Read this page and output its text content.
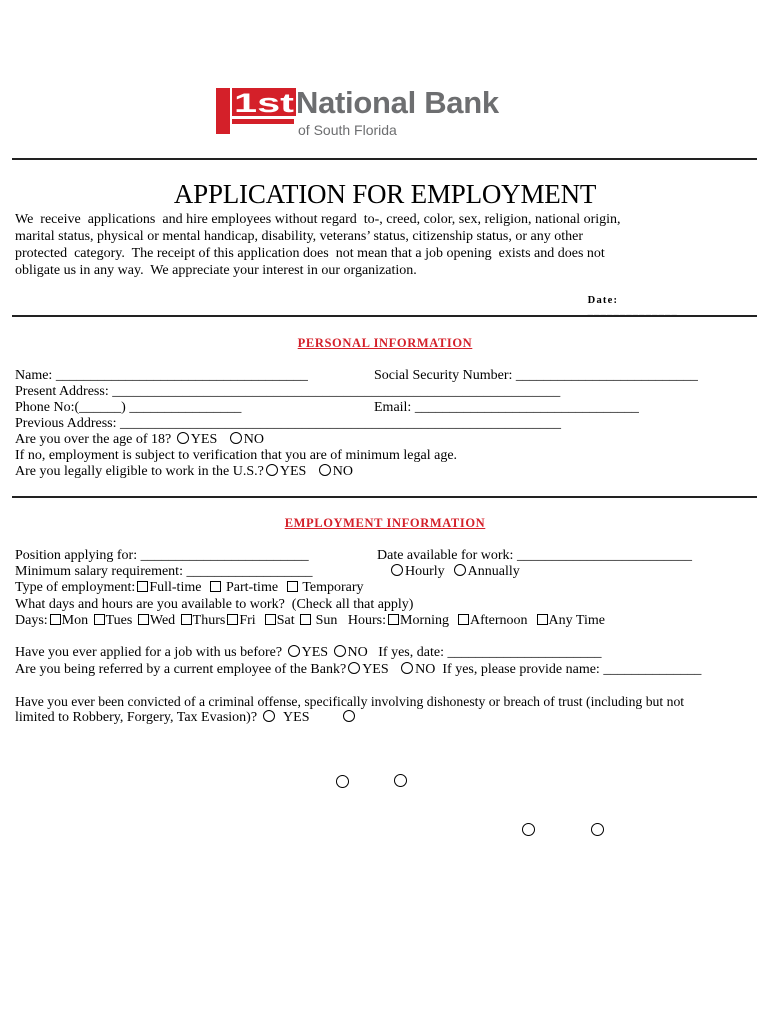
1st National Bank
of South Florida
APPLICATION FOR EMPLOYMENT
We  receive  applications  and hire employees without regard  to-, creed, color, sex, religion, national origin,
marital status, physical or mental handicap, disability, veterans’ status, citizenship status, or any other
protected  category.  The receipt of this application does  not mean that a job opening  exists and does not
obligate us in any way.  We appreciate your interest in our organization.

Date:
______________

PERSONAL INFORMATION
Name: ____________________________________	Social Security Number: __________________________
Present Address: ________________________________________________________________
Phone No:(______) ________________	Email: ________________________________
Previous Address: _______________________________________________________________
Are you over the age of 18? YES NO
If no, employment is subject to verification that you are of minimum legal age.
Are you legally eligible to work in the U.S.? YES NO
EMPLOYMENT INFORMATION
Position applying for: ________________________	Date available for work: _________________________
Minimum salary requirement: __________________	Hourly Annually
Type of employment: Full-time Part-time Temporary
What days and hours are you available to work?  (Check all that apply)
Days: Mon Tues Wed Thurs Fri Sat Sun Hours: Morning Afternoon Any Time
Have you ever applied for a job with us before? YES NO If yes, date: ______________________
Are you being referred by a current employee of the Bank? YES NO If yes, please provide name: ______________
Have you ever been convicted of a criminal offense, specifically involving dishonesty or breach of trust (including but not
limited to Robbery, Forgery, Tax Evasion)? YES
